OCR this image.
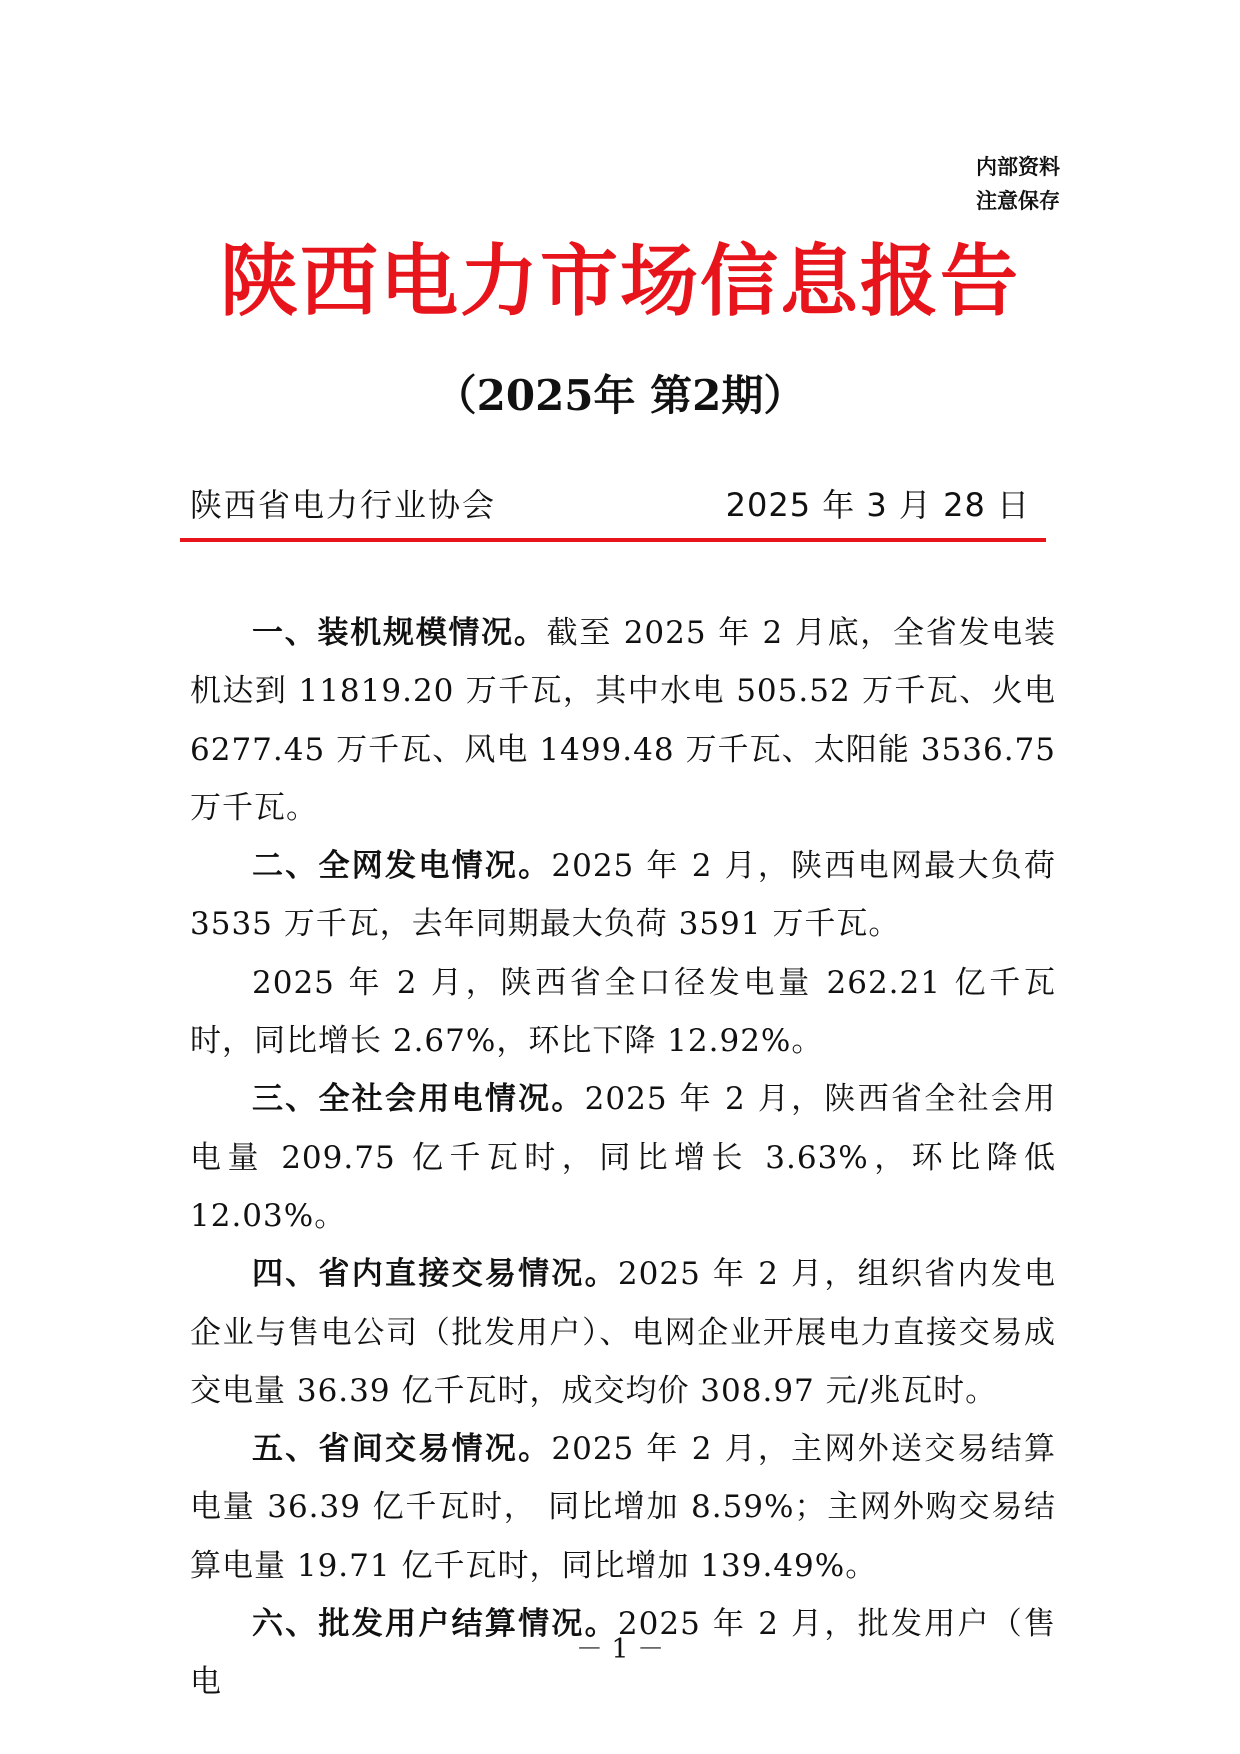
内部资料
注意保存
陕西电力市场信息报告
（2025年 第2期）
陕西省电力行业协会	2025 年 3 月 28 日

一、装机规模情况。截至 2025 年 2 月底，全省发电装机达到 11819.20 万千瓦，其中水电 505.52 万千瓦、火电 6277.45 万千瓦、风电 1499.48 万千瓦、太阳能 3536.75 万千瓦。

二、全网发电情况。2025 年 2 月，陕西电网最大负荷 3535 万千瓦，去年同期最大负荷 3591 万千瓦。

2025 年 2 月，陕西省全口径发电量 262.21 亿千瓦时，同比增长 2.67%，环比下降 12.92%。

三、全社会用电情况。2025 年 2 月，陕西省全社会用电量 209.75 亿千瓦时，同比增长 3.63%，环比降低 12.03%。

四、省内直接交易情况。2025 年 2 月，组织省内发电企业与售电公司（批发用户）、电网企业开展电力直接交易成交电量 36.39 亿千瓦时，成交均价 308.97 元/兆瓦时。

五、省间交易情况。2025 年 2 月，主网外送交易结算电量 36.39 亿千瓦时， 同比增加 8.59%；主网外购交易结算电量 19.71 亿千瓦时，同比增加 139.49%。

六、批发用户结算情况。2025 年 2 月，批发用户（售电

－ 1 －
